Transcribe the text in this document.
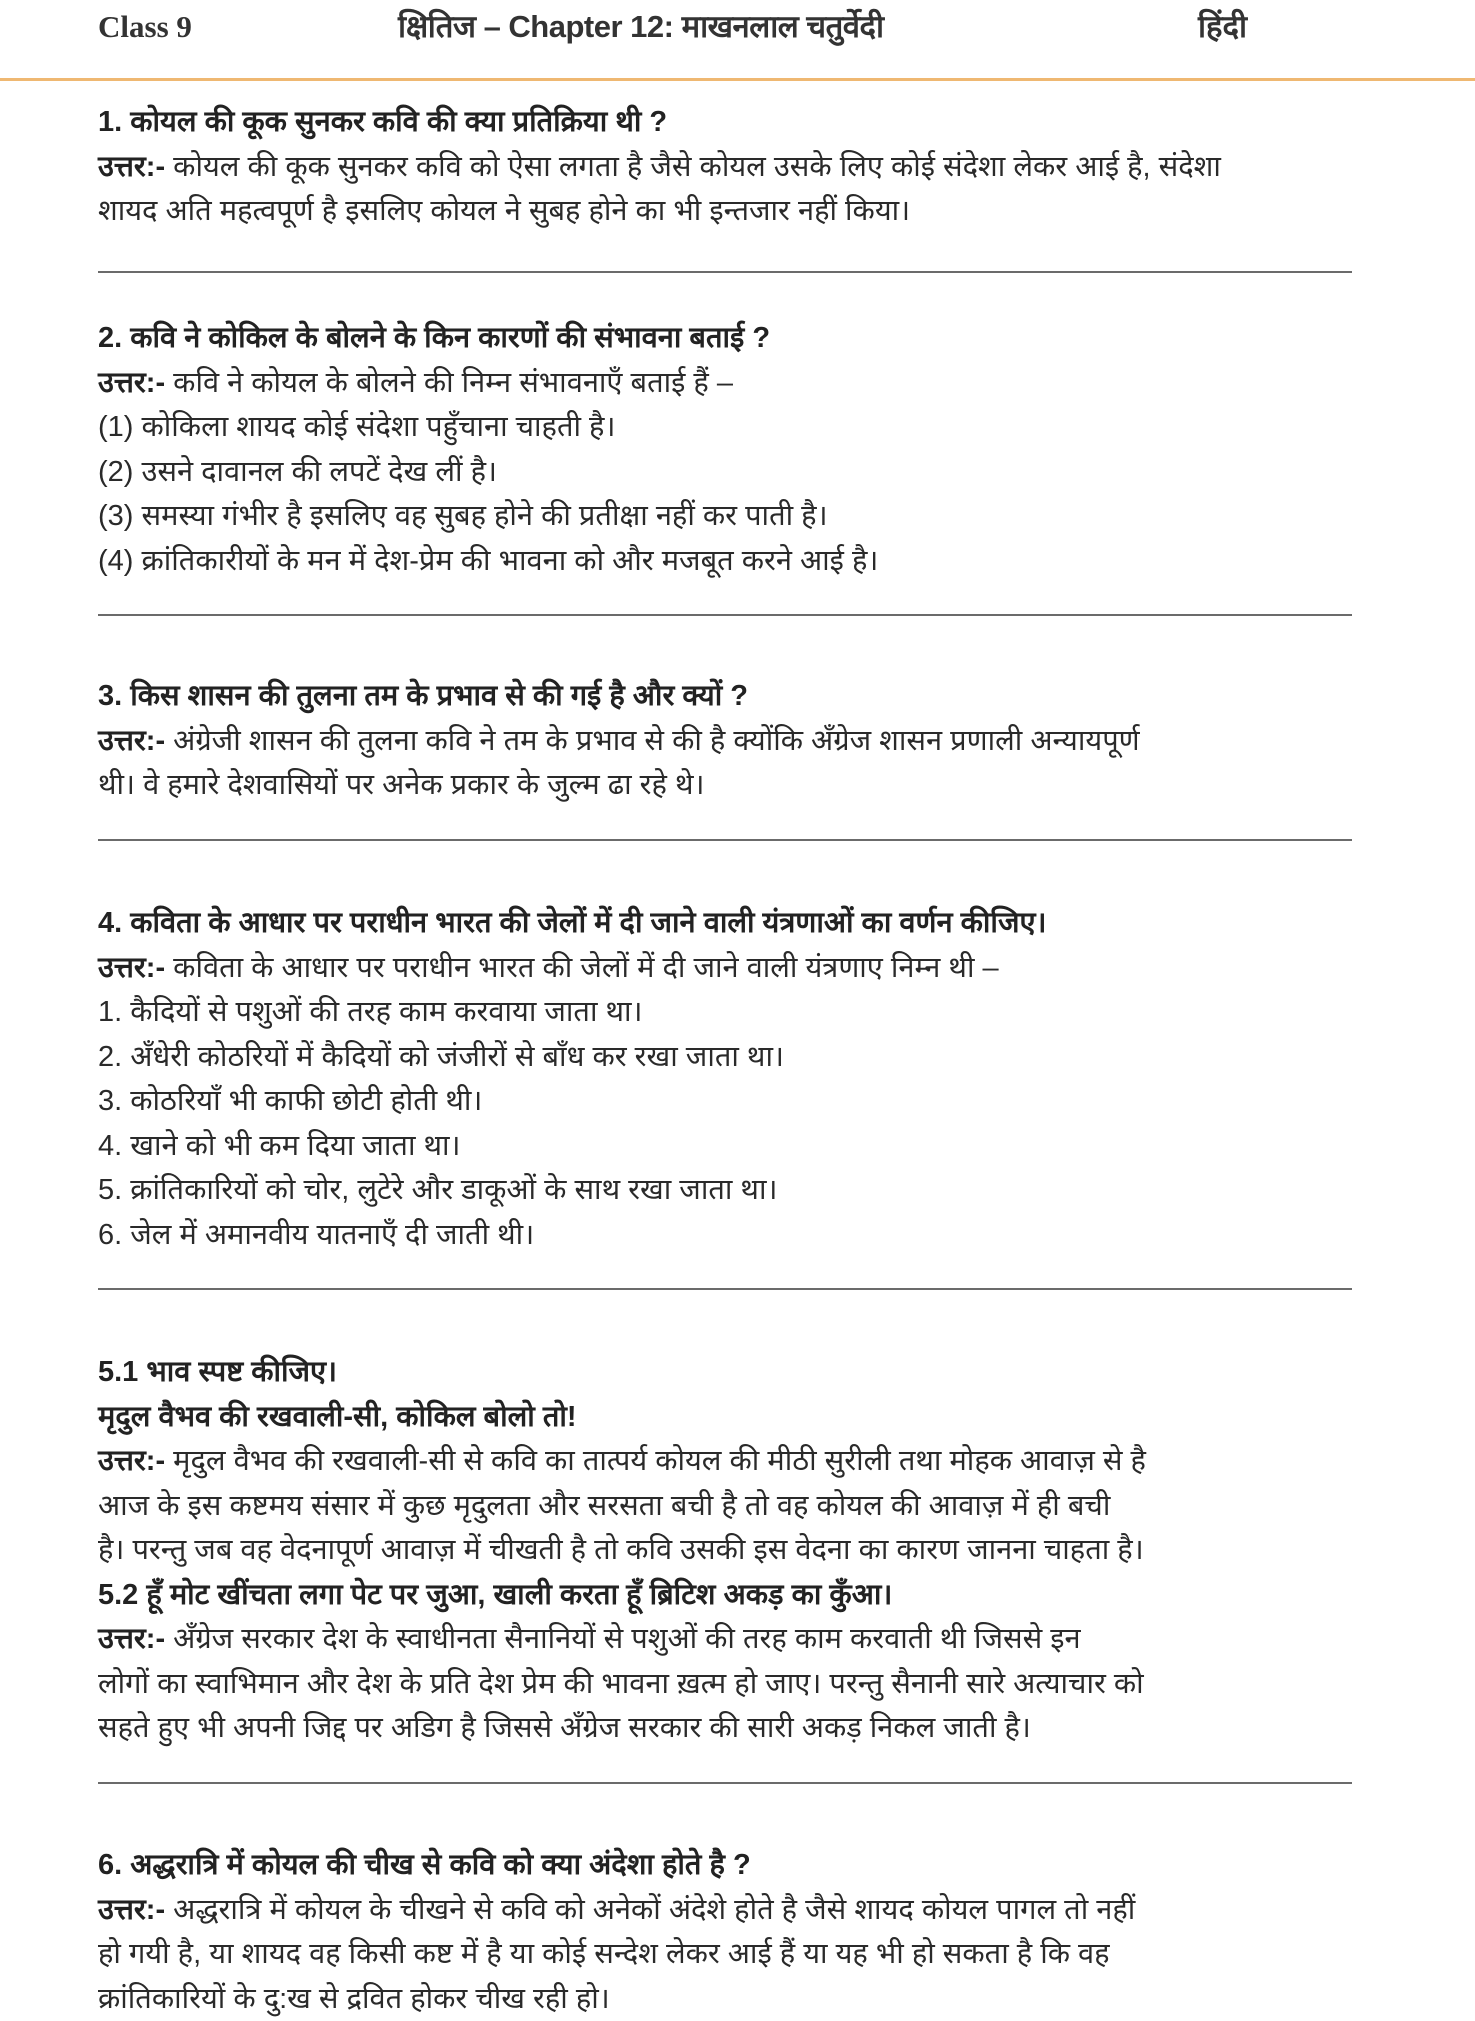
Class 9	क्षितिज – Chapter 12: माखनलाल चतुर्वेदी	हिंदी
1. कोयल की कूक सुनकर कवि की क्या प्रतिक्रिया थी ?
उत्तर:- कोयल की कूक सुनकर कवि को ऐसा लगता है जैसे कोयल उसके लिए कोई संदेशा लेकर आई है, संदेशा
शायद अति महत्वपूर्ण है इसलिए कोयल ने सुबह होने का भी इन्तजार नहीं किया।
2. कवि ने कोकिल के बोलने के किन कारणों की संभावना बताई ?
उत्तर:- कवि ने कोयल के बोलने की निम्न संभावनाएँ बताई हैं –
(1) कोकिला शायद कोई संदेशा पहुँचाना चाहती है।
(2) उसने दावानल की लपटें देख लीं है।
(3) समस्या गंभीर है इसलिए वह सुबह होने की प्रतीक्षा नहीं कर पाती है।
(4) क्रांतिकारीयों के मन में देश-प्रेम की भावना को और मजबूत करने आई है।
3. किस शासन की तुलना तम के प्रभाव से की गई है और क्यों ?
उत्तर:- अंग्रेजी शासन की तुलना कवि ने तम के प्रभाव से की है क्योंकि अँग्रेज शासन प्रणाली अन्यायपूर्ण
थी। वे हमारे देशवासियों पर अनेक प्रकार के जुल्म ढा रहे थे।
4. कविता के आधार पर पराधीन भारत की जेलों में दी जाने वाली यंत्रणाओं का वर्णन कीजिए।
उत्तर:- कविता के आधार पर पराधीन भारत की जेलों में दी जाने वाली यंत्रणाए निम्न थी –
1. कैदियों से पशुओं की तरह काम करवाया जाता था।
2. अँधेरी कोठरियों में कैदियों को जंजीरों से बाँध कर रखा जाता था।
3. कोठरियाँ भी काफी छोटी होती थी।
4. खाने को भी कम दिया जाता था।
5. क्रांतिकारियों को चोर, लुटेरे और डाकूओं के साथ रखा जाता था।
6. जेल में अमानवीय यातनाएँ दी जाती थी।
5.1 भाव स्पष्ट कीजिए।
मृदुल वैभव की रखवाली-सी, कोकिल बोलो तो!
उत्तर:- मृदुल वैभव की रखवाली-सी से कवि का तात्पर्य कोयल की मीठी सुरीली तथा मोहक आवाज़ से है
आज के इस कष्टमय संसार में कुछ मृदुलता और सरसता बची है तो वह कोयल की आवाज़ में ही बची
है। परन्तु जब वह वेदनापूर्ण आवाज़ में चीखती है तो कवि उसकी इस वेदना का कारण जानना चाहता है।
5.2 हूँ मोट खींचता लगा पेट पर जुआ, खाली करता हूँ ब्रिटिश अकड़ का कुँआ।
उत्तर:- अँग्रेज सरकार देश के स्वाधीनता सैनानियों से पशुओं की तरह काम करवाती थी जिससे इन
लोगों का स्वाभिमान और देश के प्रति देश प्रेम की भावना ख़त्म हो जाए। परन्तु सैनानी सारे अत्याचार को
सहते हुए भी अपनी जिद्द पर अडिग है जिससे अँग्रेज सरकार की सारी अकड़ निकल जाती है।
6. अद्धरात्रि में कोयल की चीख से कवि को क्या अंदेशा होते है ?
उत्तर:- अद्धरात्रि में कोयल के चीखने से कवि को अनेकों अंदेशे होते है जैसे शायद कोयल पागल तो नहीं
हो गयी है, या शायद वह किसी कष्ट में है या कोई सन्देश लेकर आई हैं या यह भी हो सकता है कि वह
क्रांतिकारियों के दु:ख से द्रवित होकर चीख रही हो।
